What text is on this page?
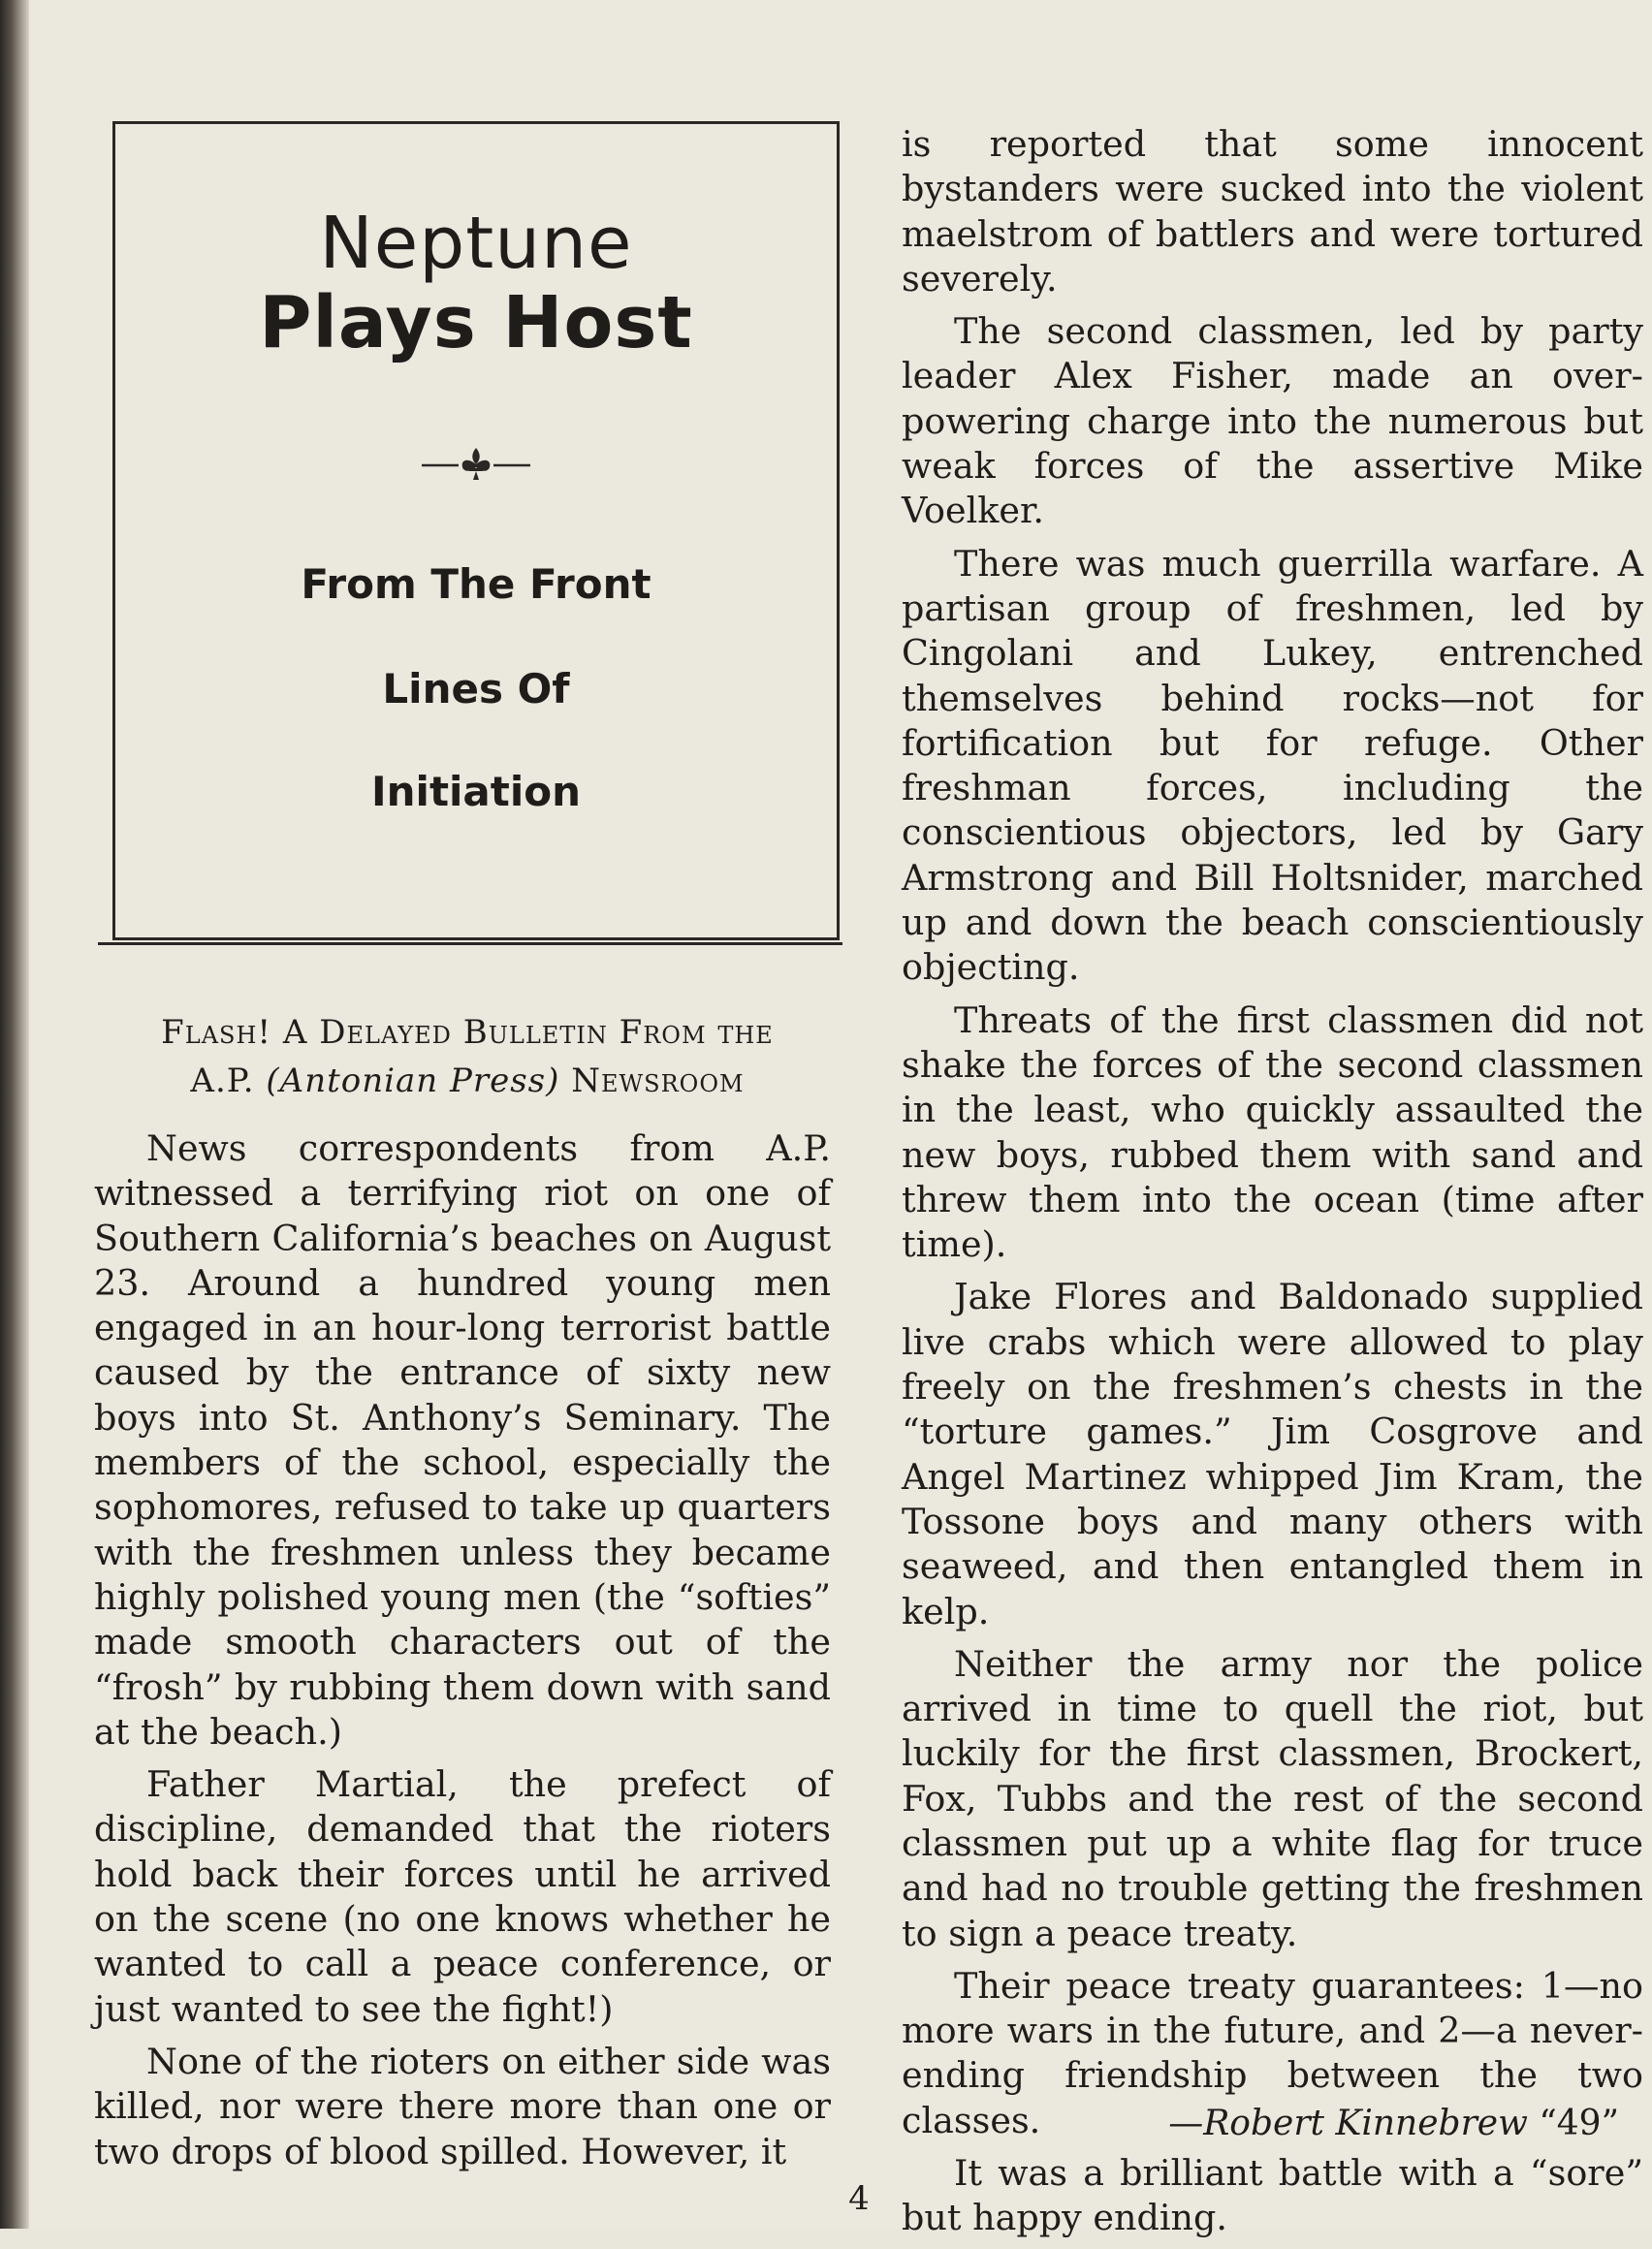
Neptune
Plays Host
From The Front
Lines Of
Initiation
Flash! A Delayed Bulletin From the
A.P. (Antonian Press) Newsroom

News correspondents from A.P. witnessed a terrifying riot on one of Southern California’s beaches on August 23. Around a hundred young men engaged in an hour-long terrorist battle caused by the entrance of sixty new boys into St. Anthony’s Seminary. The members of the school, especially the sophomores, refused to take up quarters with the freshmen unless they became highly polished young men (the “softies” made smooth characters out of the “frosh” by rubbing them down with sand at the beach.)

Father Martial, the prefect of discipline, demanded that the rioters hold back their forces until he arrived on the scene (no one knows whether he wanted to call a peace conference, or just wanted to see the fight!)

None of the rioters on either side was killed, nor were there more than one or two drops of blood spilled. However, it

is reported that some innocent bystanders were sucked into the violent maelstrom of battlers and were tortured severely.

The second classmen, led by party leader Alex Fisher, made an over-powering charge into the numerous but weak forces of the assertive Mike Voelker.

There was much guerrilla warfare. A partisan group of freshmen, led by Cingolani and Lukey, entrenched themselves behind rocks—not for fortification but for refuge. Other freshman forces, including the conscientious objectors, led by Gary Armstrong and Bill Holtsnider, marched up and down the beach conscientiously objecting.

Threats of the first classmen did not shake the forces of the second classmen in the least, who quickly assaulted the new boys, rubbed them with sand and threw them into the ocean (time after time).

Jake Flores and Baldonado supplied live crabs which were allowed to play freely on the freshmen’s chests in the “torture games.” Jim Cosgrove and Angel Martinez whipped Jim Kram, the Tossone boys and many others with seaweed, and then entangled them in kelp.

Neither the army nor the police arrived in time to quell the riot, but luckily for the first classmen, Brockert, Fox, Tubbs and the rest of the second classmen put up a white flag for truce and had no trouble getting the freshmen to sign a peace treaty.

Their peace treaty guarantees: 1—no more wars in the future, and 2—a never-ending friendship between the two classes.

It was a brilliant battle with a “sore” but happy ending.

—Robert Kinnebrew “49”
4
